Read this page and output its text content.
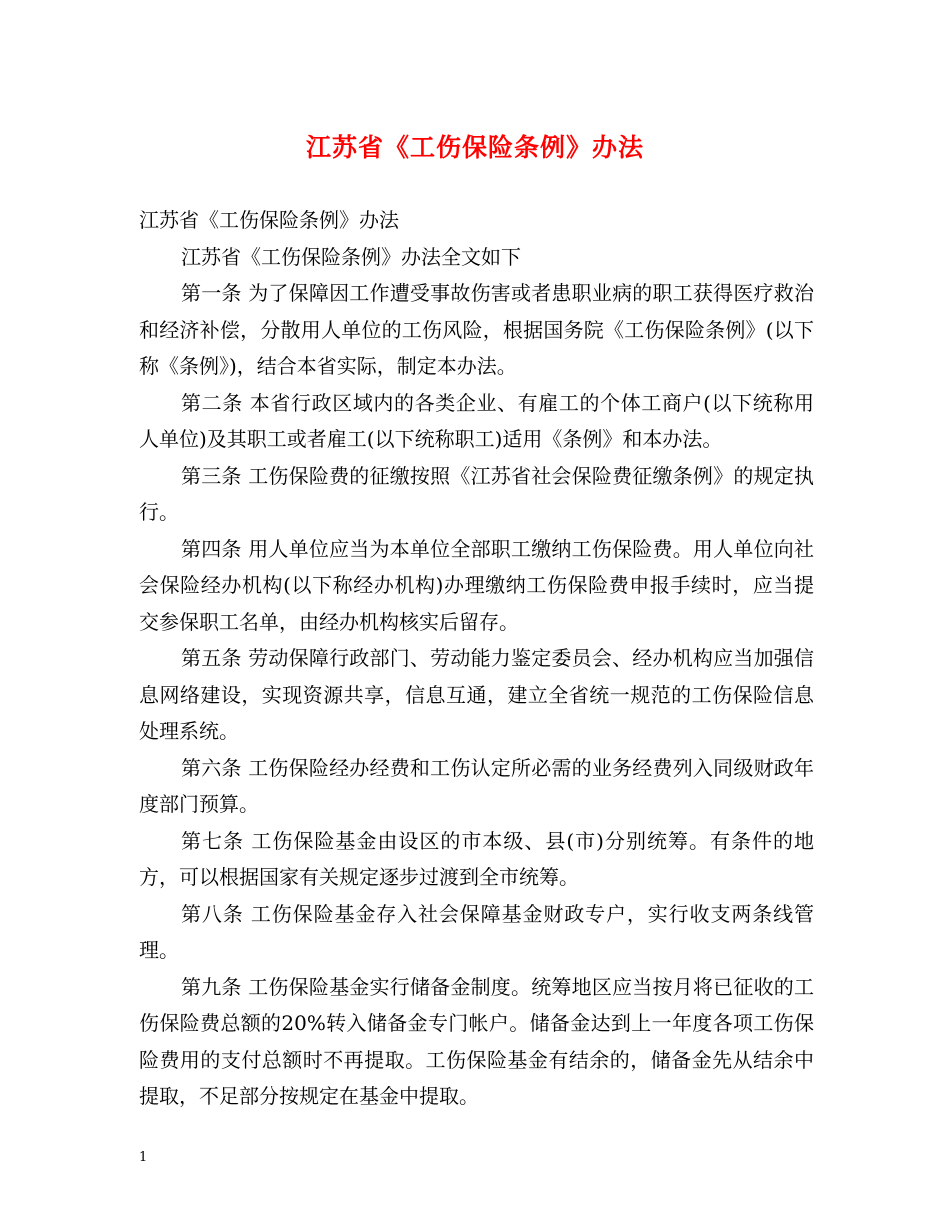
江苏省《工伤保险条例》办法

江苏省《工伤保险条例》办法

江苏省《工伤保险条例》办法全文如下

第一条 为了保障因工作遭受事故伤害或者患职业病的职工获得医疗救治和经济补偿，分散用人单位的工伤风险，根据国务院《工伤保险条例》(以下称《条例》)，结合本省实际，制定本办法。

第二条 本省行政区域内的各类企业、有雇工的个体工商户(以下统称用人单位)及其职工或者雇工(以下统称职工)适用《条例》和本办法。

第三条 工伤保险费的征缴按照《江苏省社会保险费征缴条例》的规定执行。

第四条 用人单位应当为本单位全部职工缴纳工伤保险费。用人单位向社会保险经办机构(以下称经办机构)办理缴纳工伤保险费申报手续时，应当提交参保职工名单，由经办机构核实后留存。

第五条 劳动保障行政部门、劳动能力鉴定委员会、经办机构应当加强信息网络建设，实现资源共享，信息互通，建立全省统一规范的工伤保险信息处理系统。

第六条 工伤保险经办经费和工伤认定所必需的业务经费列入同级财政年度部门预算。

第七条 工伤保险基金由设区的市本级、县(市)分别统筹。有条件的地方，可以根据国家有关规定逐步过渡到全市统筹。

第八条 工伤保险基金存入社会保障基金财政专户，实行收支两条线管理。

第九条 工伤保险基金实行储备金制度。统筹地区应当按月将已征收的工伤保险费总额的20%转入储备金专门帐户。储备金达到上一年度各项工伤保险费用的支付总额时不再提取。工伤保险基金有结余的，储备金先从结余中提取，不足部分按规定在基金中提取。

1
